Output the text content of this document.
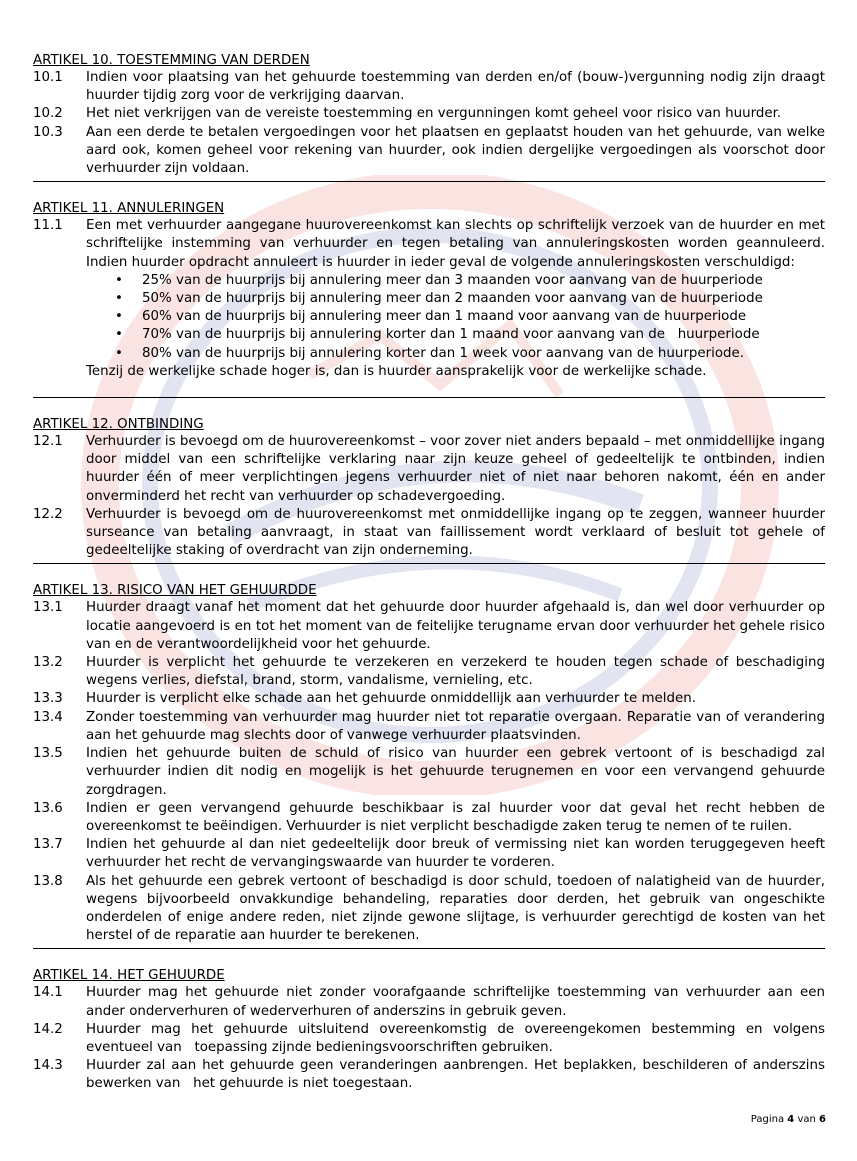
ARTIKEL 10. TOESTEMMING VAN DERDEN
10.1	Indien voor plaatsing van het gehuurde toestemming van derden en/of (bouw-)vergunning nodig zijn draagt huurder tijdig zorg voor de verkrijging daarvan.
10.2	Het niet verkrijgen van de vereiste toestemming en vergunningen komt geheel voor risico van huurder.
10.3	Aan een derde te betalen vergoedingen voor het plaatsen en geplaatst houden van het gehuurde, van welke aard ook, komen geheel voor rekening van huurder, ook indien dergelijke vergoedingen als voorschot door verhuurder zijn voldaan.
ARTIKEL 11. ANNULERINGEN
11.1	Een met verhuurder aangegane huurovereenkomst kan slechts op schriftelijk verzoek van de huurder en met schriftelijke instemming van verhuurder en tegen betaling van annuleringskosten worden geannuleerd. Indien huurder opdracht annuleert is huurder in ieder geval de volgende annuleringskosten verschuldigd:
• 25% van de huurprijs bij annulering meer dan 3 maanden voor aanvang van de huurperiode
• 50% van de huurprijs bij annulering meer dan 2 maanden voor aanvang van de huurperiode
• 60% van de huurprijs bij annulering meer dan 1 maand voor aanvang van de huurperiode
• 70% van de huurprijs bij annulering korter dan 1 maand voor aanvang van de   huurperiode
• 80% van de huurprijs bij annulering korter dan 1 week voor aanvang van de huurperiode.
Tenzij de werkelijke schade hoger is, dan is huurder aansprakelijk voor de werkelijke schade.
ARTIKEL 12. ONTBINDING
12.1	Verhuurder is bevoegd om de huurovereenkomst – voor zover niet anders bepaald – met onmiddellijke ingang door middel van een schriftelijke verklaring naar zijn keuze geheel of gedeeltelijk te ontbinden, indien huurder één of meer verplichtingen jegens verhuurder niet of niet naar behoren nakomt, één en ander onverminderd het recht van verhuurder op schadevergoeding.
12.2	Verhuurder is bevoegd om de huurovereenkomst met onmiddellijke ingang op te zeggen, wanneer huurder surseance van betaling aanvraagt, in staat van faillissement wordt verklaard of besluit tot gehele of gedeeltelijke staking of overdracht van zijn onderneming.
ARTIKEL 13. RISICO VAN HET GEHUURDDE
13.1	Huurder draagt vanaf het moment dat het gehuurde door huurder afgehaald is, dan wel door verhuurder op locatie aangevoerd is en tot het moment van de feitelijke terugname ervan door verhuurder het gehele risico van en de verantwoordelijkheid voor het gehuurde.
13.2	Huurder is verplicht het gehuurde te verzekeren en verzekerd te houden tegen schade of beschadiging wegens verlies, diefstal, brand, storm, vandalisme, vernieling, etc.
13.3	Huurder is verplicht elke schade aan het gehuurde onmiddellijk aan verhuurder te melden.
13.4	Zonder toestemming van verhuurder mag huurder niet tot reparatie overgaan. Reparatie van of verandering aan het gehuurde mag slechts door of vanwege verhuurder plaatsvinden.
13.5	Indien het gehuurde buiten de schuld of risico van huurder een gebrek vertoont of is beschadigd zal verhuurder indien dit nodig en mogelijk is het gehuurde terugnemen en voor een vervangend gehuurde zorgdragen.
13.6	Indien er geen vervangend gehuurde beschikbaar is zal huurder voor dat geval het recht hebben de overeenkomst te beëindigen. Verhuurder is niet verplicht beschadigde zaken terug te nemen of te ruilen.
13.7	Indien het gehuurde al dan niet gedeeltelijk door breuk of vermissing niet kan worden teruggegeven heeft verhuurder het recht de vervangingswaarde van huurder te vorderen.
13.8	Als het gehuurde een gebrek vertoont of beschadigd is door schuld, toedoen of nalatigheid van de huurder, wegens bijvoorbeeld onvakkundige behandeling, reparaties door derden, het gebruik van ongeschikte onderdelen of enige andere reden, niet zijnde gewone slijtage, is verhuurder gerechtigd de kosten van het herstel of de reparatie aan huurder te berekenen.
ARTIKEL 14. HET GEHUURDE
14.1	Huurder mag het gehuurde niet zonder voorafgaande schriftelijke toestemming van verhuurder aan een ander onderverhuren of wederverhuren of anderszins in gebruik geven.
14.2	Huurder mag het gehuurde uitsluitend overeenkomstig de overeengekomen bestemming en volgens eventueel van   toepassing zijnde bedieningsvoorschriften gebruiken.
14.3	Huurder zal aan het gehuurde geen veranderingen aanbrengen. Het beplakken, beschilderen of anderszins bewerken van   het gehuurde is niet toegestaan.
Pagina 4 van 6
